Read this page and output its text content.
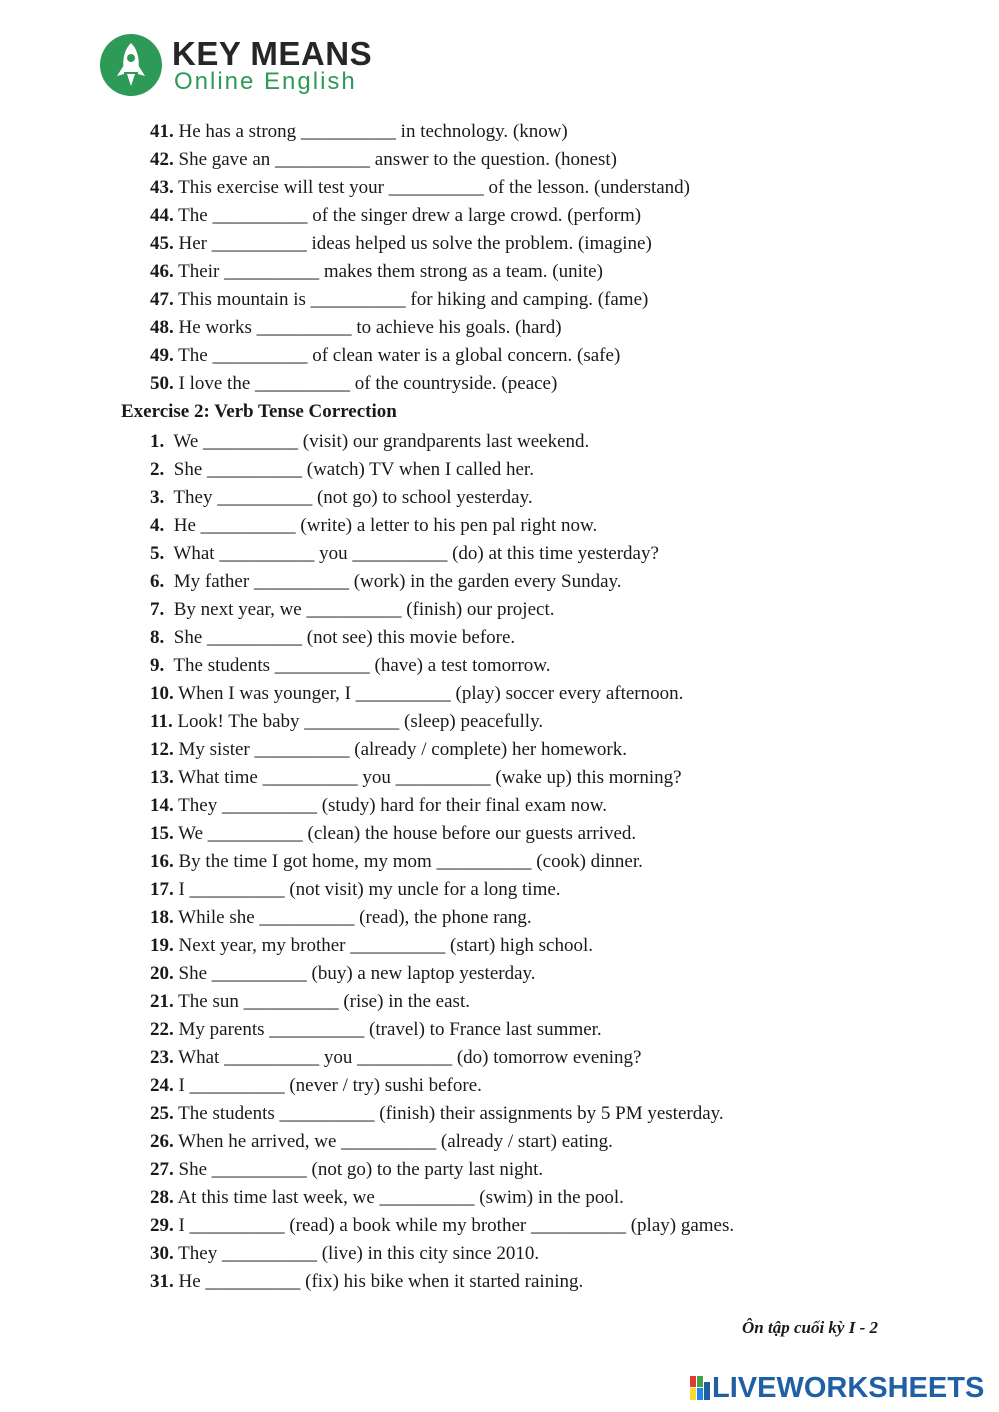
KEY MEANS
Online English
41. He has a strong __________ in technology. (know)
42. She gave an __________ answer to the question. (honest)
43. This exercise will test your __________ of the lesson. (understand)
44. The __________ of the singer drew a large crowd. (perform)
45. Her __________ ideas helped us solve the problem. (imagine)
46. Their __________ makes them strong as a team. (unite)
47. This mountain is __________ for hiking and camping. (fame)
48. He works __________ to achieve his goals. (hard)
49. The __________ of clean water is a global concern. (safe)
50. I love the __________ of the countryside. (peace)
Exercise 2: Verb Tense Correction
1. We __________ (visit) our grandparents last weekend.
2. She __________ (watch) TV when I called her.
3. They __________ (not go) to school yesterday.
4. He __________ (write) a letter to his pen pal right now.
5. What __________ you __________ (do) at this time yesterday?
6. My father __________ (work) in the garden every Sunday.
7. By next year, we __________ (finish) our project.
8. She __________ (not see) this movie before.
9. The students __________ (have) a test tomorrow.
10. When I was younger, I __________ (play) soccer every afternoon.
11. Look! The baby __________ (sleep) peacefully.
12. My sister __________ (already / complete) her homework.
13. What time __________ you __________ (wake up) this morning?
14. They __________ (study) hard for their final exam now.
15. We __________ (clean) the house before our guests arrived.
16. By the time I got home, my mom __________ (cook) dinner.
17. I __________ (not visit) my uncle for a long time.
18. While she __________ (read), the phone rang.
19. Next year, my brother __________ (start) high school.
20. She __________ (buy) a new laptop yesterday.
21. The sun __________ (rise) in the east.
22. My parents __________ (travel) to France last summer.
23. What __________ you __________ (do) tomorrow evening?
24. I __________ (never / try) sushi before.
25. The students __________ (finish) their assignments by 5 PM yesterday.
26. When he arrived, we __________ (already / start) eating.
27. She __________ (not go) to the party last night.
28. At this time last week, we __________ (swim) in the pool.
29. I __________ (read) a book while my brother __________ (play) games.
30. They __________ (live) in this city since 2010.
31. He __________ (fix) his bike when it started raining.
Ôn tập cuối kỳ I - 2
LIVEWORKSHEETS
